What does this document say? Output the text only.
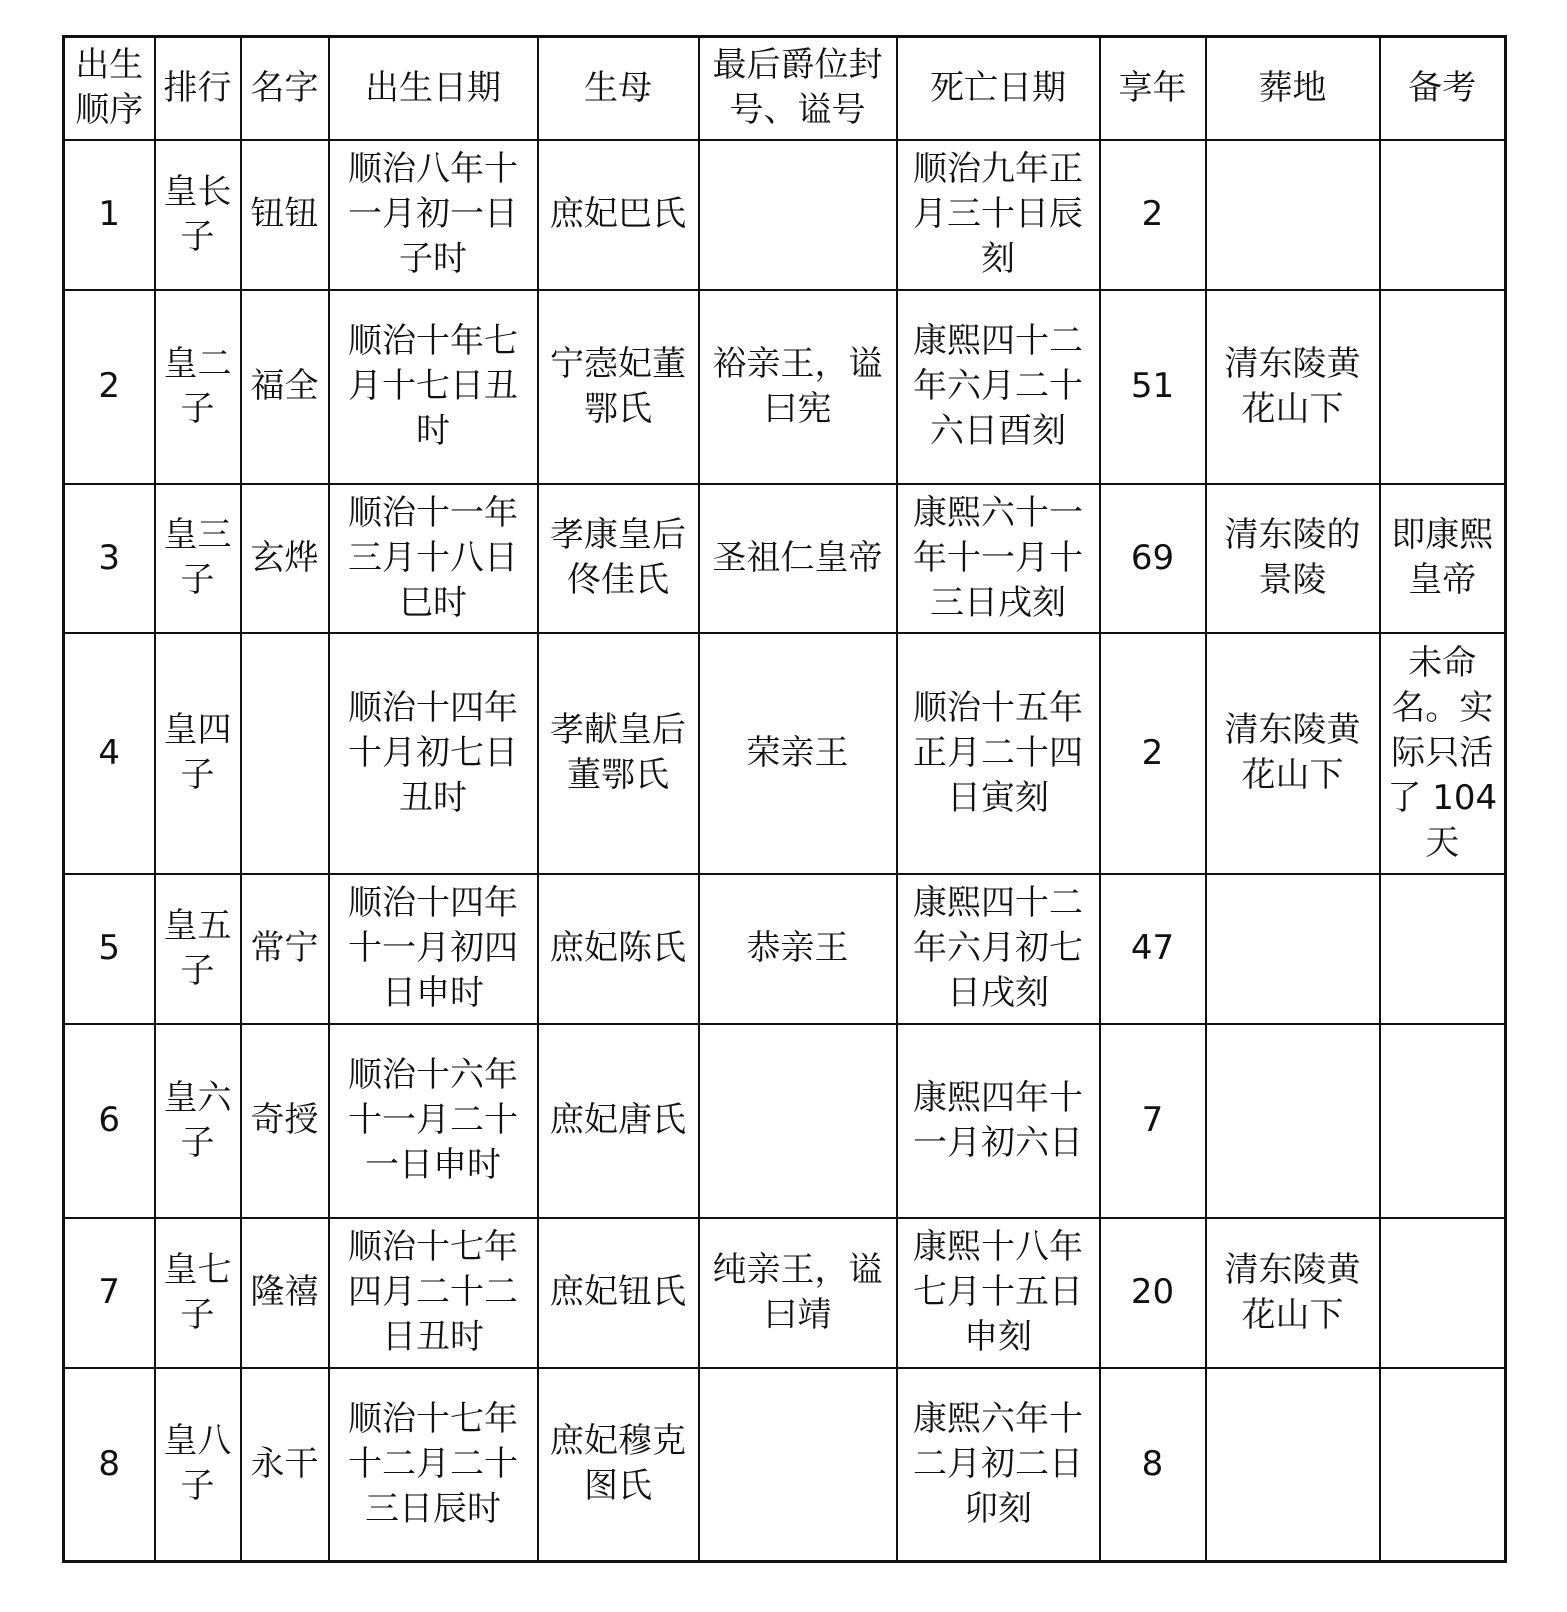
出生顺序	排行	名字	出生日期	生母	最后爵位封号、谥号	死亡日期	享年	葬地	备考
1	皇长子	钮钮	顺治八年十一月初一日子时	庶妃巴氏		顺治九年正月三十日辰刻	2		
2	皇二子	福全	顺治十年七月十七日丑时	宁悫妃董鄂氏	裕亲王，谥曰宪	康熙四十二年六月二十六日酉刻	51	清东陵黄花山下	
3	皇三子	玄烨	顺治十一年三月十八日巳时	孝康皇后佟佳氏	圣祖仁皇帝	康熙六十一年十一月十三日戌刻	69	清东陵的景陵	即康熙皇帝
4	皇四子		顺治十四年十月初七日丑时	孝献皇后董鄂氏	荣亲王	顺治十五年正月二十四日寅刻	2	清东陵黄花山下	未命名。实际只活了 104 天
5	皇五子	常宁	顺治十四年十一月初四日申时	庶妃陈氏	恭亲王	康熙四十二年六月初七日戌刻	47		
6	皇六子	奇授	顺治十六年十一月二十一日申时	庶妃唐氏		康熙四年十一月初六日	7		
7	皇七子	隆禧	顺治十七年四月二十二日丑时	庶妃钮氏	纯亲王，谥曰靖	康熙十八年七月十五日申刻	20	清东陵黄花山下	
8	皇八子	永干	顺治十七年十二月二十三日辰时	庶妃穆克图氏		康熙六年十二月初二日卯刻	8		
